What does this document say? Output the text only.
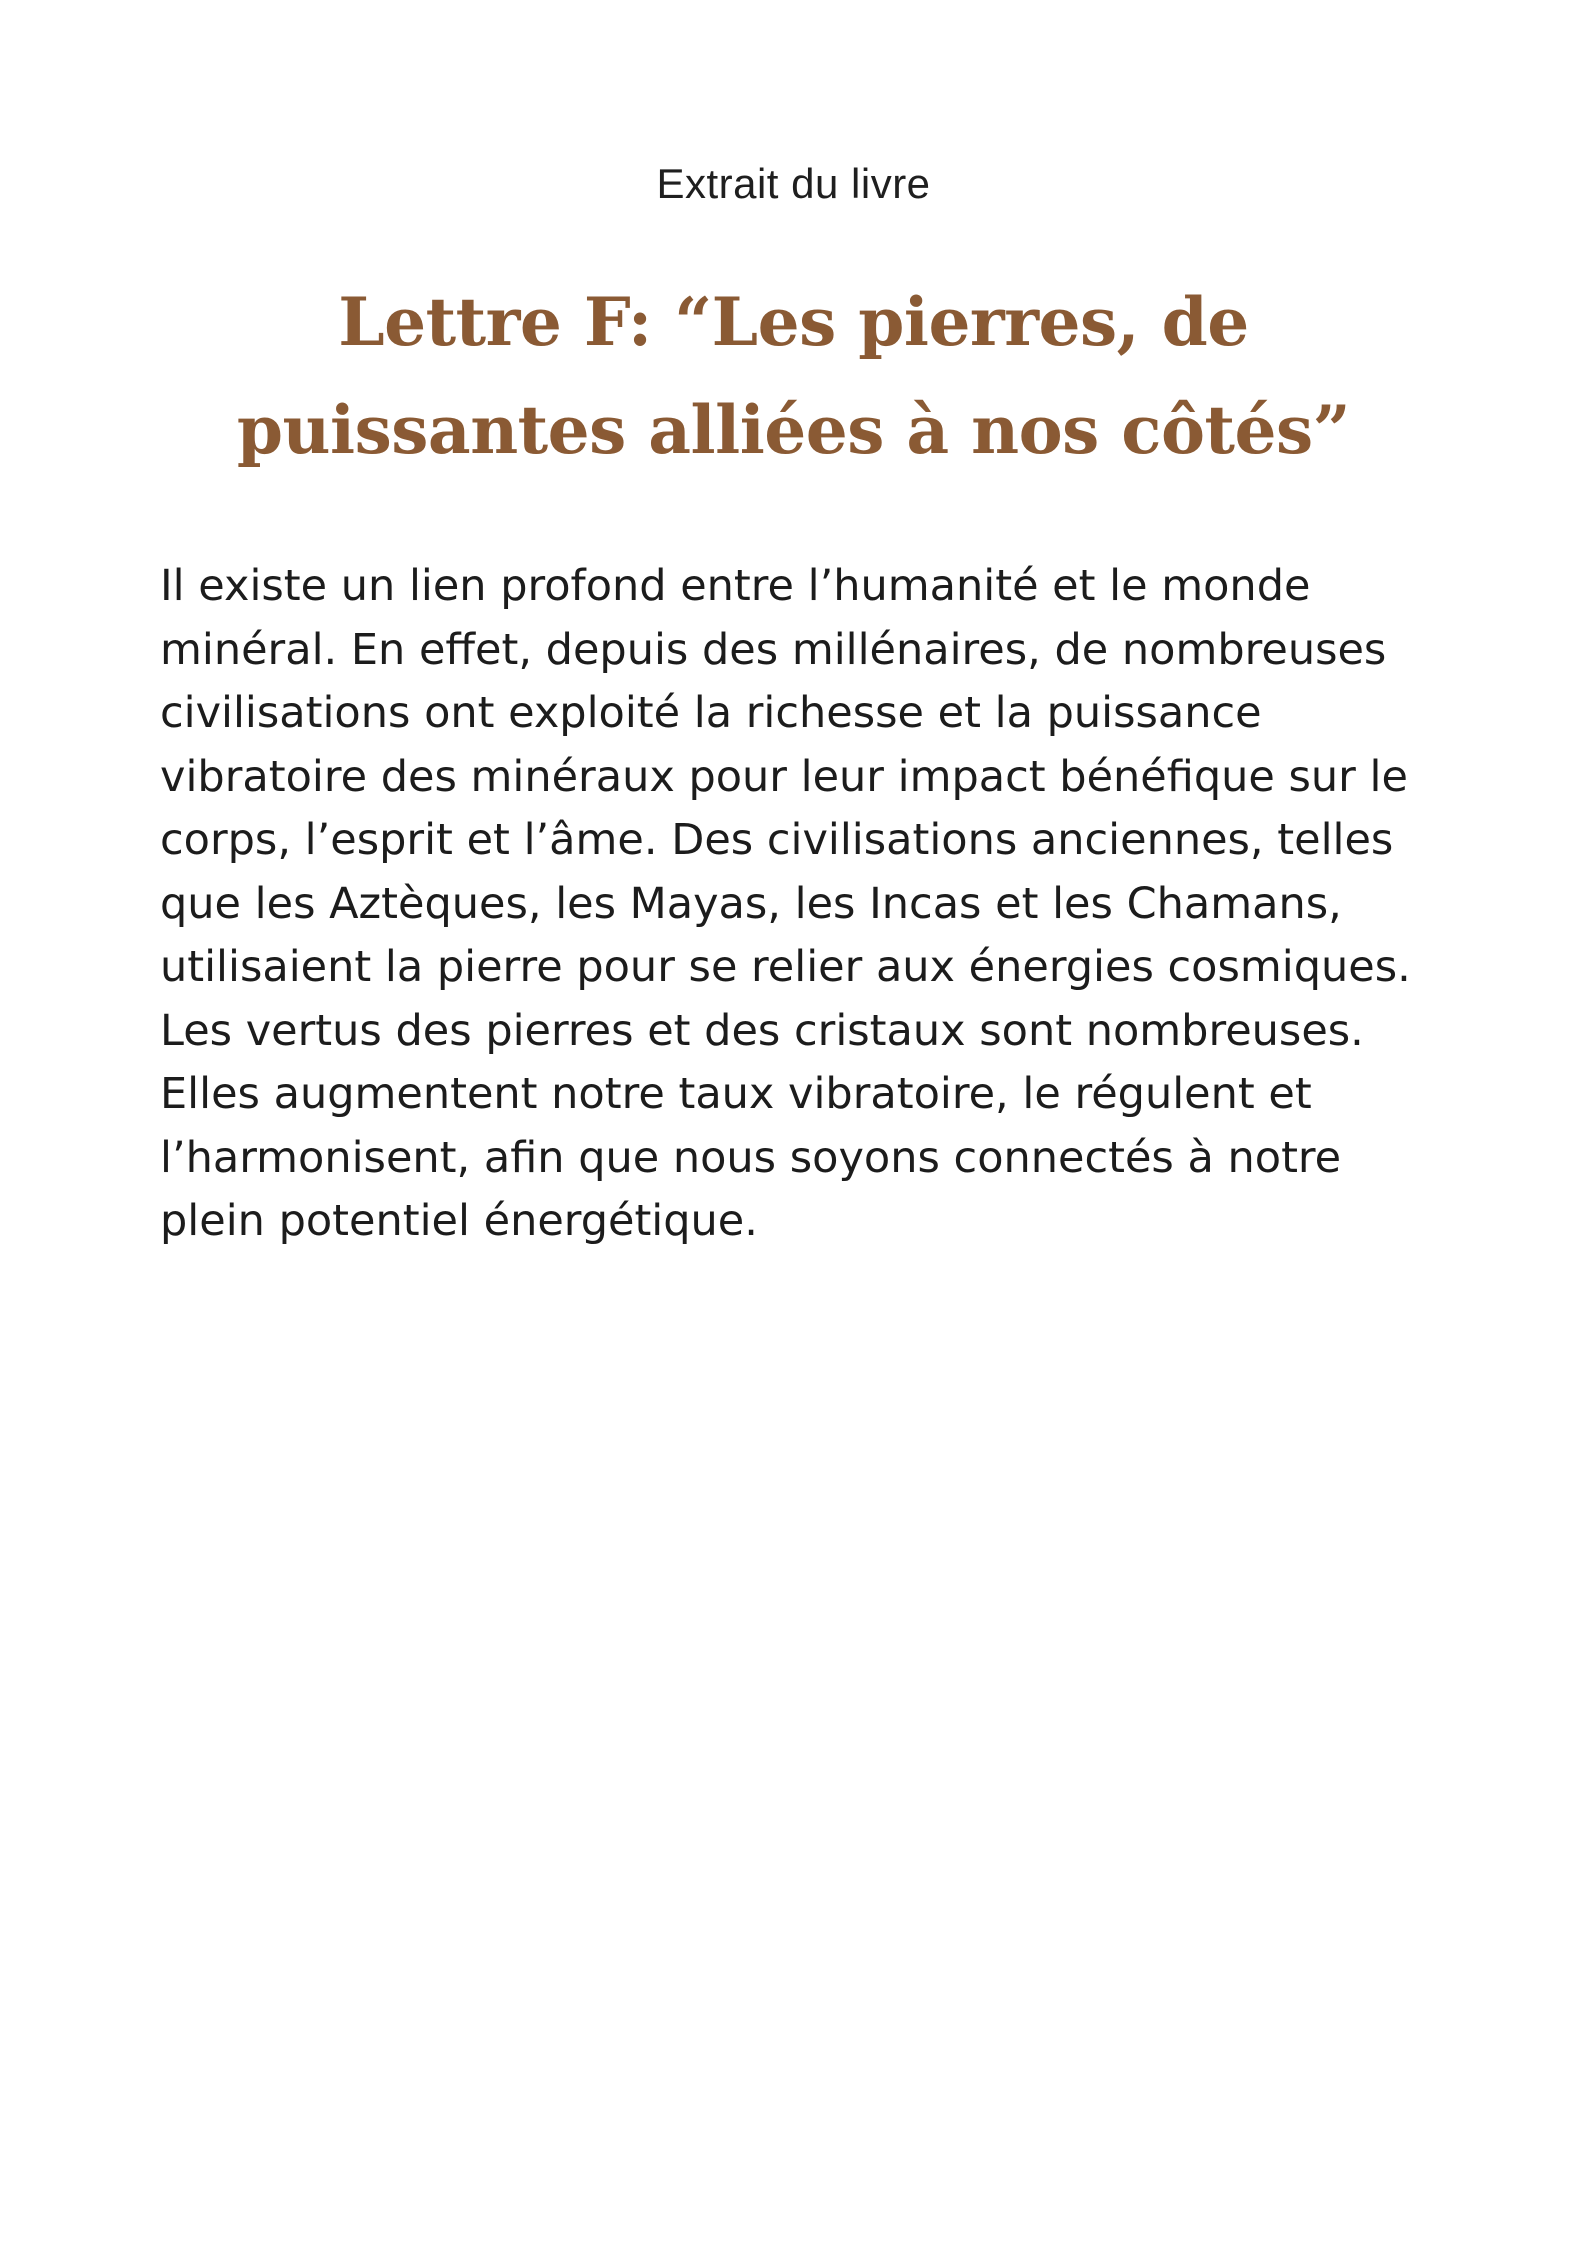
Extrait du livre
Lettre F: “Les pierres, de puissantes alliées à nos côtés”

Il existe un lien profond entre l’humanité et le monde minéral. En effet, depuis des millénaires, de nombreuses civilisations ont exploité la richesse et la puissance vibratoire des minéraux pour leur impact bénéfique sur le corps, l’esprit et l’âme. Des civilisations anciennes, telles que les Aztèques, les Mayas, les Incas et les Chamans, utilisaient la pierre pour se relier aux énergies cosmiques.

Les vertus des pierres et des cristaux sont nombreuses. Elles augmentent notre taux vibratoire, le régulent et l’harmonisent, afin que nous soyons connectés à notre plein potentiel énergétique.
